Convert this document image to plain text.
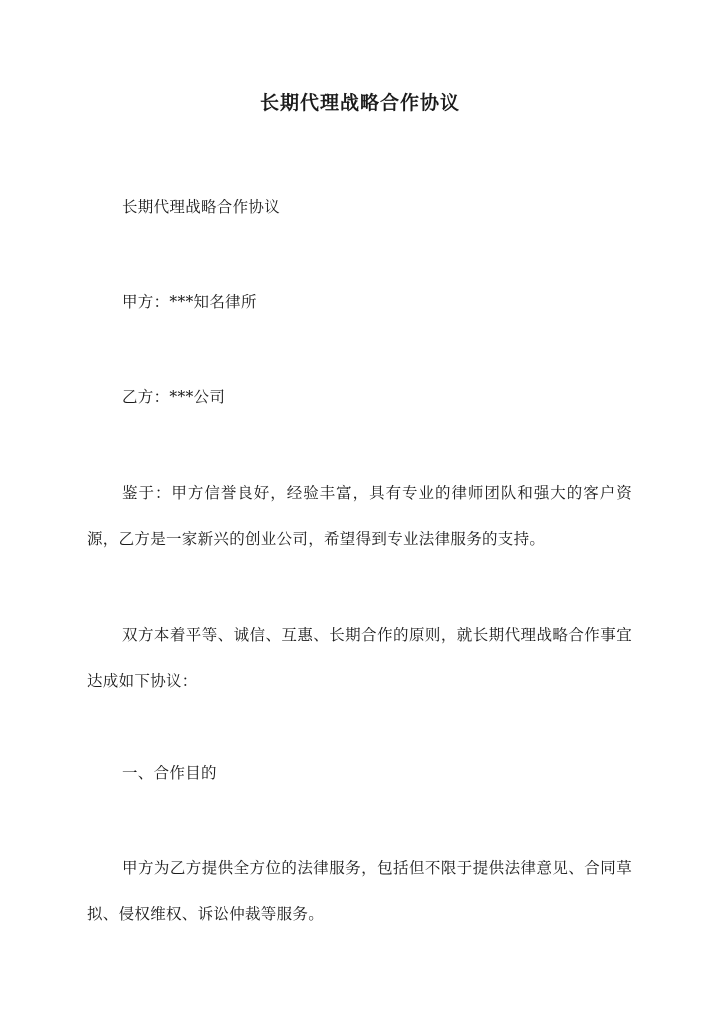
长期代理战略合作协议
长期代理战略合作协议
甲方：***知名律所
乙方：***公司
鉴于：甲方信誉良好，经验丰富，具有专业的律师团队和强大的客户资源，乙方是一家新兴的创业公司，希望得到专业法律服务的支持。
双方本着平等、诚信、互惠、长期合作的原则，就长期代理战略合作事宜达成如下协议：
一、合作目的
甲方为乙方提供全方位的法律服务，包括但不限于提供法律意见、合同草拟、侵权维权、诉讼仲裁等服务。
